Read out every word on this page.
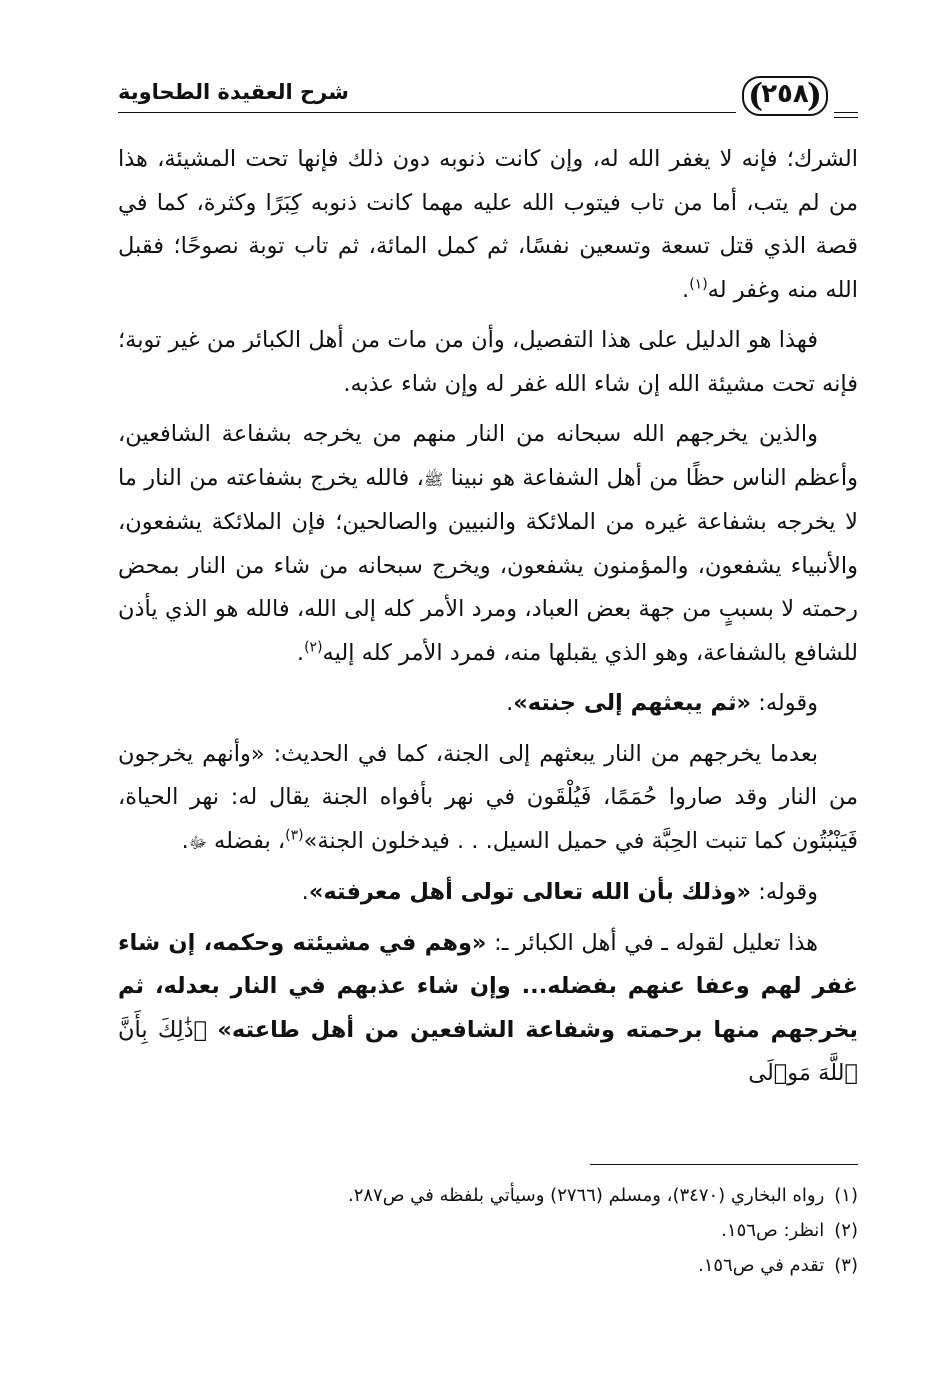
شرح العقيدة الطحاوية	( )
٢٥٨

الشرك؛ فإنه لا يغفر الله له، وإن كانت ذنوبه دون ذلك فإنها تحت المشيئة، هذا من لم يتب، أما من تاب فيتوب الله عليه مهما كانت ذنوبه كِبَرًا وكثرة، كما في قصة الذي قتل تسعة وتسعين نفسًا، ثم كمل المائة، ثم تاب توبة نصوحًا؛ فقبل الله منه وغفر له$^{(١)}$.

فهذا هو الدليل على هذا التفصيل، وأن من مات من أهل الكبائر من غير توبة؛ فإنه تحت مشيئة الله إن شاء الله غفر له وإن شاء عذبه.

والذين يخرجهم الله سبحانه من النار منهم من يخرجه بشفاعة الشافعين، وأعظم الناس حظًا من أهل الشفاعة هو نبينا ﷺ، فالله يخرج بشفاعته من النار ما لا يخرجه بشفاعة غيره من الملائكة والنبيين والصالحين؛ فإن الملائكة يشفعون، والأنبياء يشفعون، والمؤمنون يشفعون، ويخرج سبحانه من شاء من النار بمحض رحمته لا بسببٍ من جهة بعض العباد، ومرد الأمر كله إلى الله، فالله هو الذي يأذن للشافع بالشفاعة، وهو الذي يقبلها منه، فمرد الأمر كله إليه$^{(٢)}$.

وقوله: «ثم يبعثهم إلى جنته».

بعدما يخرجهم من النار يبعثهم إلى الجنة، كما في الحديث: «وأنهم يخرجون من النار وقد صاروا حُمَمًا، فَيُلْقَون في نهر بأفواه الجنة يقال له: نهر الحياة، فَيَنْبُتُون كما تنبت الحِبَّة في حميل السيل. . . فيدخلون الجنة»$^{(٣)}$، بفضله ﷻ.

وقوله: «وذلك بأن الله تعالى تولى أهل معرفته».

هذا تعليل لقوله ـ في أهل الكبائر ـ: «وهم في مشيئته وحكمه، إن شاء غفر لهم وعفا عنهم بفضله... وإن شاء عذبهم في النار بعدله، ثم يخرجهم منها برحمته وشفاعة الشافعين من أهل طاعته» ﴿ذَٰلِكَ بِأَنَّ ٱللَّهَ مَوۡلَى

(١)رواه البخاري (٣٤٧٠)، ومسلم (٢٧٦٦) وسيأتي بلفظه في ص٢٨٧.
(٢)انظر: ص١٥٦.
(٣)تقدم في ص١٥٦.
